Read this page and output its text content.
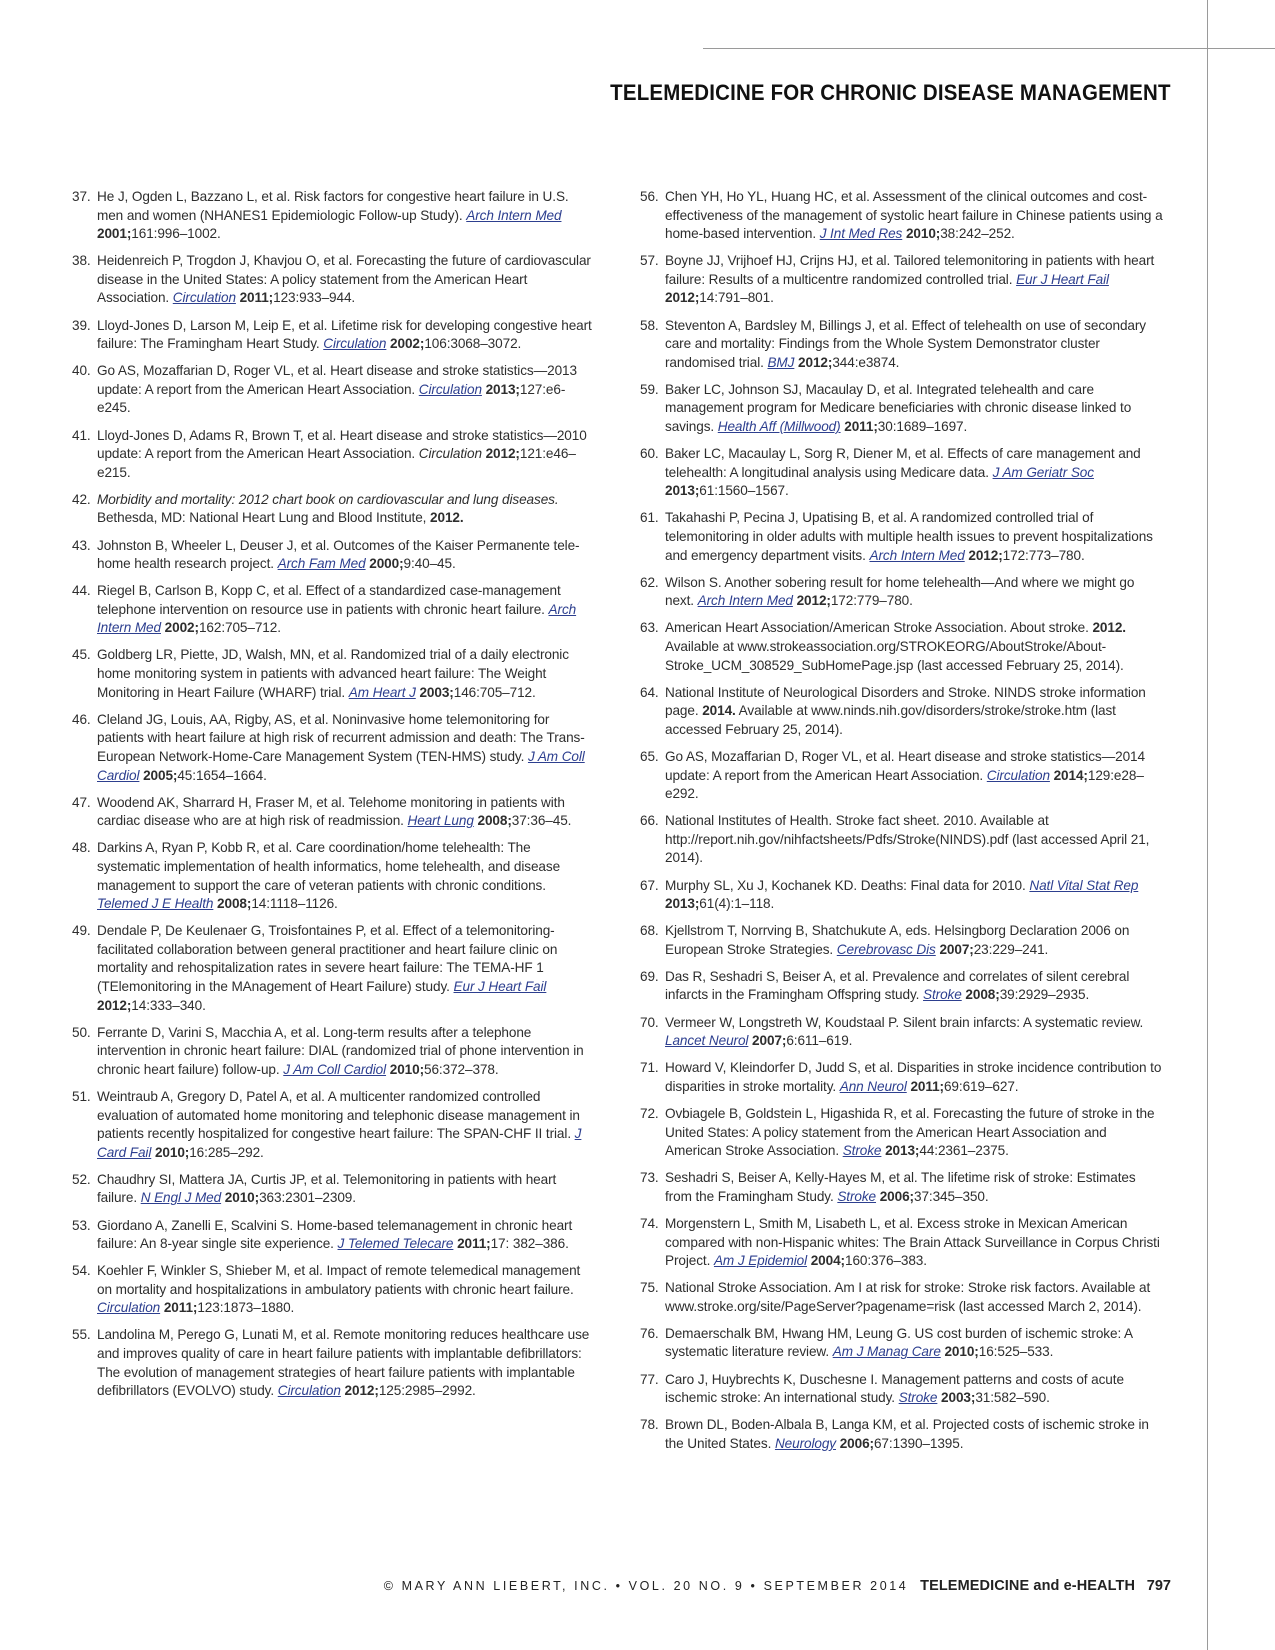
TELEMEDICINE FOR CHRONIC DISEASE MANAGEMENT
37. He J, Ogden L, Bazzano L, et al. Risk factors for congestive heart failure in U.S. men and women (NHANES1 Epidemiologic Follow-up Study). Arch Intern Med 2001;161:996–1002.
38. Heidenreich P, Trogdon J, Khavjou O, et al. Forecasting the future of cardiovascular disease in the United States: A policy statement from the American Heart Association. Circulation 2011;123:933–944.
39. Lloyd-Jones D, Larson M, Leip E, et al. Lifetime risk for developing congestive heart failure: The Framingham Heart Study. Circulation 2002;106:3068–3072.
40. Go AS, Mozaffarian D, Roger VL, et al. Heart disease and stroke statistics—2013 update: A report from the American Heart Association. Circulation 2013;127:e6-e245.
41. Lloyd-Jones D, Adams R, Brown T, et al. Heart disease and stroke statistics—2010 update: A report from the American Heart Association. Circulation 2012;121:e46–e215.
42. Morbidity and mortality: 2012 chart book on cardiovascular and lung diseases. Bethesda, MD: National Heart Lung and Blood Institute, 2012.
43. Johnston B, Wheeler L, Deuser J, et al. Outcomes of the Kaiser Permanente tele-home health research project. Arch Fam Med 2000;9:40–45.
44. Riegel B, Carlson B, Kopp C, et al. Effect of a standardized case-management telephone intervention on resource use in patients with chronic heart failure. Arch Intern Med 2002;162:705–712.
45. Goldberg LR, Piette, JD, Walsh, MN, et al. Randomized trial of a daily electronic home monitoring system in patients with advanced heart failure: The Weight Monitoring in Heart Failure (WHARF) trial. Am Heart J 2003;146:705–712.
46. Cleland JG, Louis, AA, Rigby, AS, et al. Noninvasive home telemonitoring for patients with heart failure at high risk of recurrent admission and death: The Trans-European Network-Home-Care Management System (TEN-HMS) study. J Am Coll Cardiol 2005;45:1654–1664.
47. Woodend AK, Sharrard H, Fraser M, et al. Telehome monitoring in patients with cardiac disease who are at high risk of readmission. Heart Lung 2008;37:36–45.
48. Darkins A, Ryan P, Kobb R, et al. Care coordination/home telehealth: The systematic implementation of health informatics, home telehealth, and disease management to support the care of veteran patients with chronic conditions. Telemed J E Health 2008;14:1118–1126.
49. Dendale P, De Keulenaer G, Troisfontaines P, et al. Effect of a telemonitoring-facilitated collaboration between general practitioner and heart failure clinic on mortality and rehospitalization rates in severe heart failure: The TEMA-HF 1 (TElemonitoring in the MAnagement of Heart Failure) study. Eur J Heart Fail 2012;14:333–340.
50. Ferrante D, Varini S, Macchia A, et al. Long-term results after a telephone intervention in chronic heart failure: DIAL (randomized trial of phone intervention in chronic heart failure) follow-up. J Am Coll Cardiol 2010;56:372–378.
51. Weintraub A, Gregory D, Patel A, et al. A multicenter randomized controlled evaluation of automated home monitoring and telephonic disease management in patients recently hospitalized for congestive heart failure: The SPAN-CHF II trial. J Card Fail 2010;16:285–292.
52. Chaudhry SI, Mattera JA, Curtis JP, et al. Telemonitoring in patients with heart failure. N Engl J Med 2010;363:2301–2309.
53. Giordano A, Zanelli E, Scalvini S. Home-based telemanagement in chronic heart failure: An 8-year single site experience. J Telemed Telecare 2011;17: 382–386.
54. Koehler F, Winkler S, Shieber M, et al. Impact of remote telemedical management on mortality and hospitalizations in ambulatory patients with chronic heart failure. Circulation 2011;123:1873–1880.
55. Landolina M, Perego G, Lunati M, et al. Remote monitoring reduces healthcare use and improves quality of care in heart failure patients with implantable defibrillators: The evolution of management strategies of heart failure patients with implantable defibrillators (EVOLVO) study. Circulation 2012;125:2985–2992.
56. Chen YH, Ho YL, Huang HC, et al. Assessment of the clinical outcomes and cost-effectiveness of the management of systolic heart failure in Chinese patients using a home-based intervention. J Int Med Res 2010;38:242–252.
57. Boyne JJ, Vrijhoef HJ, Crijns HJ, et al. Tailored telemonitoring in patients with heart failure: Results of a multicentre randomized controlled trial. Eur J Heart Fail 2012;14:791–801.
58. Steventon A, Bardsley M, Billings J, et al. Effect of telehealth on use of secondary care and mortality: Findings from the Whole System Demonstrator cluster randomised trial. BMJ 2012;344:e3874.
59. Baker LC, Johnson SJ, Macaulay D, et al. Integrated telehealth and care management program for Medicare beneficiaries with chronic disease linked to savings. Health Aff (Millwood) 2011;30:1689–1697.
60. Baker LC, Macaulay L, Sorg R, Diener M, et al. Effects of care management and telehealth: A longitudinal analysis using Medicare data. J Am Geriatr Soc 2013;61:1560–1567.
61. Takahashi P, Pecina J, Upatising B, et al. A randomized controlled trial of telemonitoring in older adults with multiple health issues to prevent hospitalizations and emergency department visits. Arch Intern Med 2012;172:773–780.
62. Wilson S. Another sobering result for home telehealth—And where we might go next. Arch Intern Med 2012;172:779–780.
63. American Heart Association/American Stroke Association. About stroke. 2012. Available at www.strokeassociation.org/STROKEORG/AboutStroke/About-Stroke_UCM_308529_SubHomePage.jsp (last accessed February 25, 2014).
64. National Institute of Neurological Disorders and Stroke. NINDS stroke information page. 2014. Available at www.ninds.nih.gov/disorders/stroke/stroke.htm (last accessed February 25, 2014).
65. Go AS, Mozaffarian D, Roger VL, et al. Heart disease and stroke statistics—2014 update: A report from the American Heart Association. Circulation 2014;129:e28–e292.
66. National Institutes of Health. Stroke fact sheet. 2010. Available at http://report.nih.gov/nihfactsheets/Pdfs/Stroke(NINDS).pdf (last accessed April 21, 2014).
67. Murphy SL, Xu J, Kochanek KD. Deaths: Final data for 2010. Natl Vital Stat Rep 2013;61(4):1–118.
68. Kjellstrom T, Norrving B, Shatchukute A, eds. Helsingborg Declaration 2006 on European Stroke Strategies. Cerebrovasc Dis 2007;23:229–241.
69. Das R, Seshadri S, Beiser A, et al. Prevalence and correlates of silent cerebral infarcts in the Framingham Offspring study. Stroke 2008;39:2929–2935.
70. Vermeer W, Longstreth W, Koudstaal P. Silent brain infarcts: A systematic review. Lancet Neurol 2007;6:611–619.
71. Howard V, Kleindorfer D, Judd S, et al. Disparities in stroke incidence contribution to disparities in stroke mortality. Ann Neurol 2011;69:619–627.
72. Ovbiagele B, Goldstein L, Higashida R, et al. Forecasting the future of stroke in the United States: A policy statement from the American Heart Association and American Stroke Association. Stroke 2013;44:2361–2375.
73. Seshadri S, Beiser A, Kelly-Hayes M, et al. The lifetime risk of stroke: Estimates from the Framingham Study. Stroke 2006;37:345–350.
74. Morgenstern L, Smith M, Lisabeth L, et al. Excess stroke in Mexican American compared with non-Hispanic whites: The Brain Attack Surveillance in Corpus Christi Project. Am J Epidemiol 2004;160:376–383.
75. National Stroke Association. Am I at risk for stroke: Stroke risk factors. Available at www.stroke.org/site/PageServer?pagename=risk (last accessed March 2, 2014).
76. Demaerschalk BM, Hwang HM, Leung G. US cost burden of ischemic stroke: A systematic literature review. Am J Manag Care 2010;16:525–533.
77. Caro J, Huybrechts K, Duschesne I. Management patterns and costs of acute ischemic stroke: An international study. Stroke 2003;31:582–590.
78. Brown DL, Boden-Albala B, Langa KM, et al. Projected costs of ischemic stroke in the United States. Neurology 2006;67:1390–1395.
© MARY ANN LIEBERT, INC. • VOL. 20 NO. 9 • SEPTEMBER 2014 TELEMEDICINE and e-HEALTH 797
